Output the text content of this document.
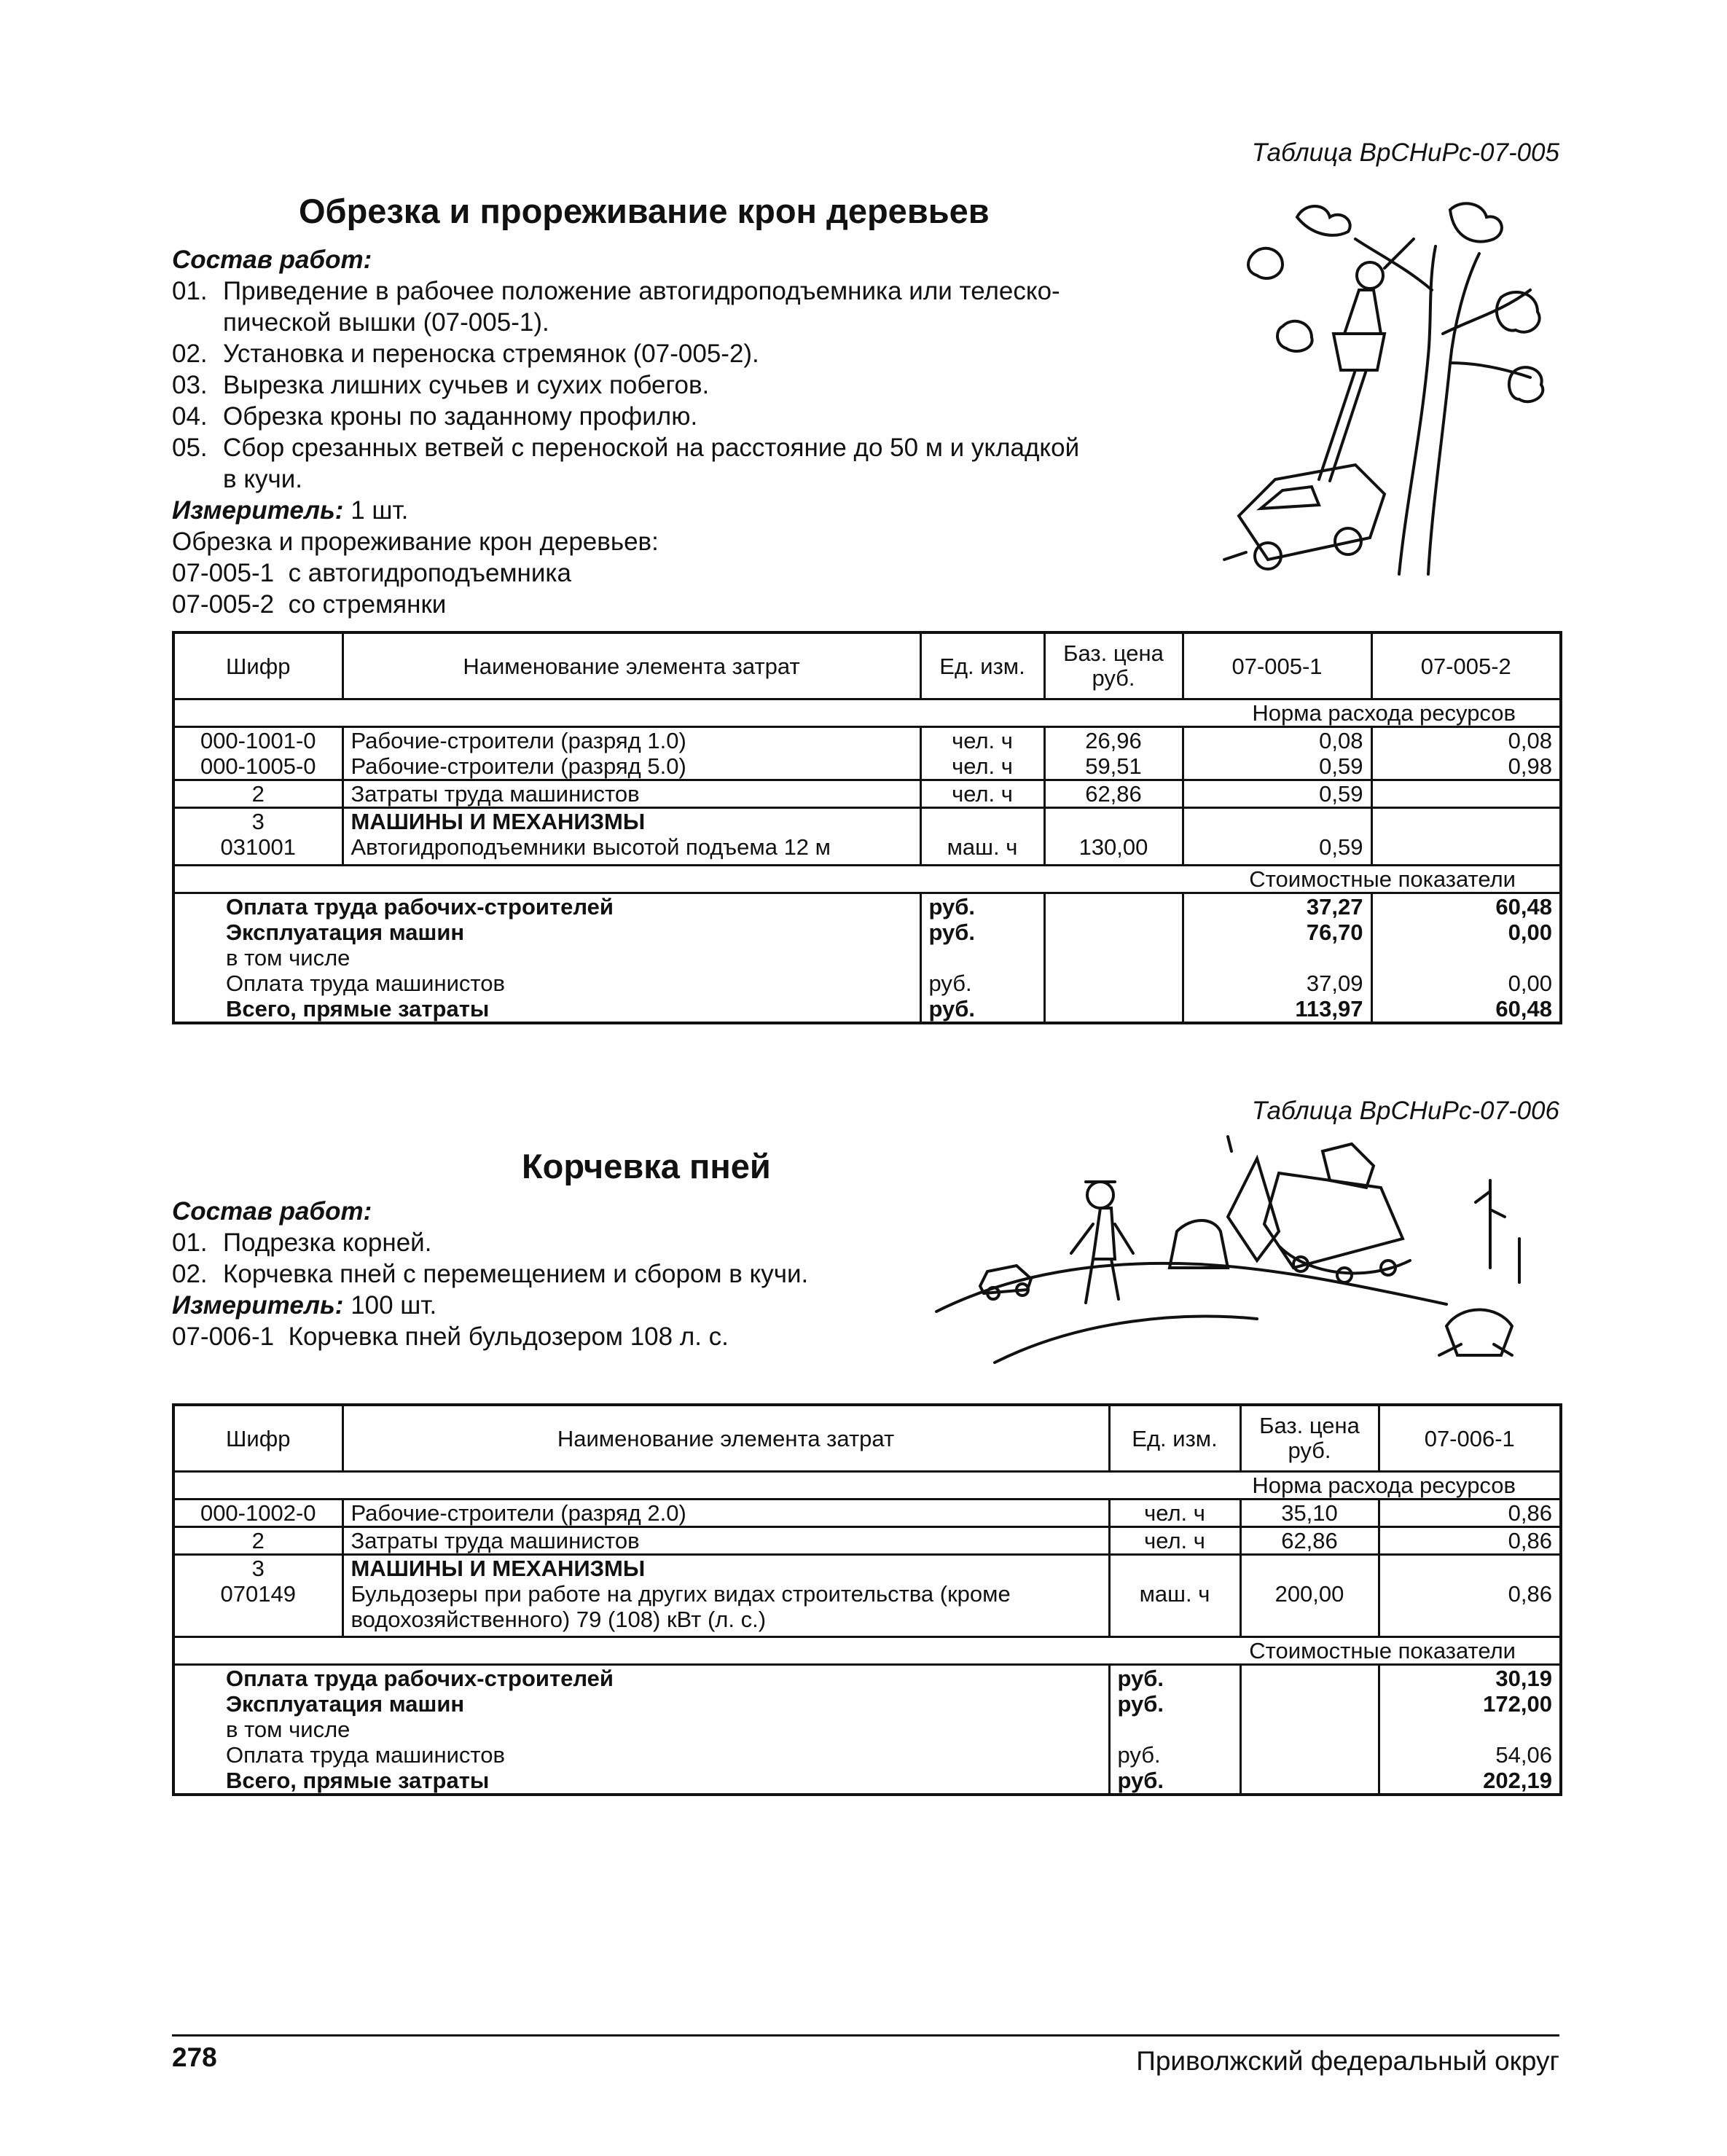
Таблица ВрСНиРс-07-005
Обрезка и прореживание крон деревьев
Состав работ:
01. Приведение в рабочее положение автогидроподъемника или телеско-пической вышки (07-005-1).
02. Установка и переноска стремянок (07-005-2).
03. Вырезка лишних сучьев и сухих побегов.
04. Обрезка кроны по заданному профилю.
05. Сбор срезанных ветвей с переноской на расстояние до 50 м и укладкой в кучи.
Измеритель: 1 шт.
Обрезка и прореживание крон деревьев:
07-005-1 с автогидроподъемника
07-005-2 со стремянки
Шифр	Наименование элемента затрат	Ед. изм.	Баз. цена руб.	07-005-1	07-005-2
Норма расхода ресурсов					
000-1001-0	Рабочие-строители (разряд 1.0)	чел. ч	26,96	0,08	0,08
000-1005-0	Рабочие-строители (разряд 5.0)	чел. ч	59,51	0,59	0,98
2	Затраты труда машинистов	чел. ч	62,86	0,59	
3	МАШИНЫ И МЕХАНИЗМЫ				
031001	Автогидроподъемники высотой подъема 12 м	маш. ч	130,00	0,59	
Стоимостные показатели					
Оплата труда рабочих-строителей		руб.		37,27	60,48
Эксплуатация машин		руб.		76,70	0,00
в том числе					
Оплата труда машинистов		руб.		37,09	0,00
Всего, прямые затраты		руб.		113,97	60,48
Таблица ВрСНиРс-07-006
Корчевка пней
Состав работ:
01. Подрезка корней.
02. Корчевка пней с перемещением и сбором в кучи.
Измеритель: 100 шт.
07-006-1 Корчевка пней бульдозером 108 л. с.
Шифр	Наименование элемента затрат	Ед. изм.	Баз. цена руб.	07-006-1
Норма расхода ресурсов				
000-1002-0	Рабочие-строители (разряд 2.0)	чел. ч	35,10	0,86
2	Затраты труда машинистов	чел. ч	62,86	0,86
3	МАШИНЫ И МЕХАНИЗМЫ			
070149	Бульдозеры при работе на других видах строительства (кроме водохозяйственного) 79 (108) кВт (л. с.)	маш. ч	200,00	0,86
Стоимостные показатели				
Оплата труда рабочих-строителей		руб.		30,19
Эксплуатация машин		руб.		172,00
в том числе				
Оплата труда машинистов		руб.		54,06
Всего, прямые затраты		руб.		202,19
278	Приволжский федеральный округ
